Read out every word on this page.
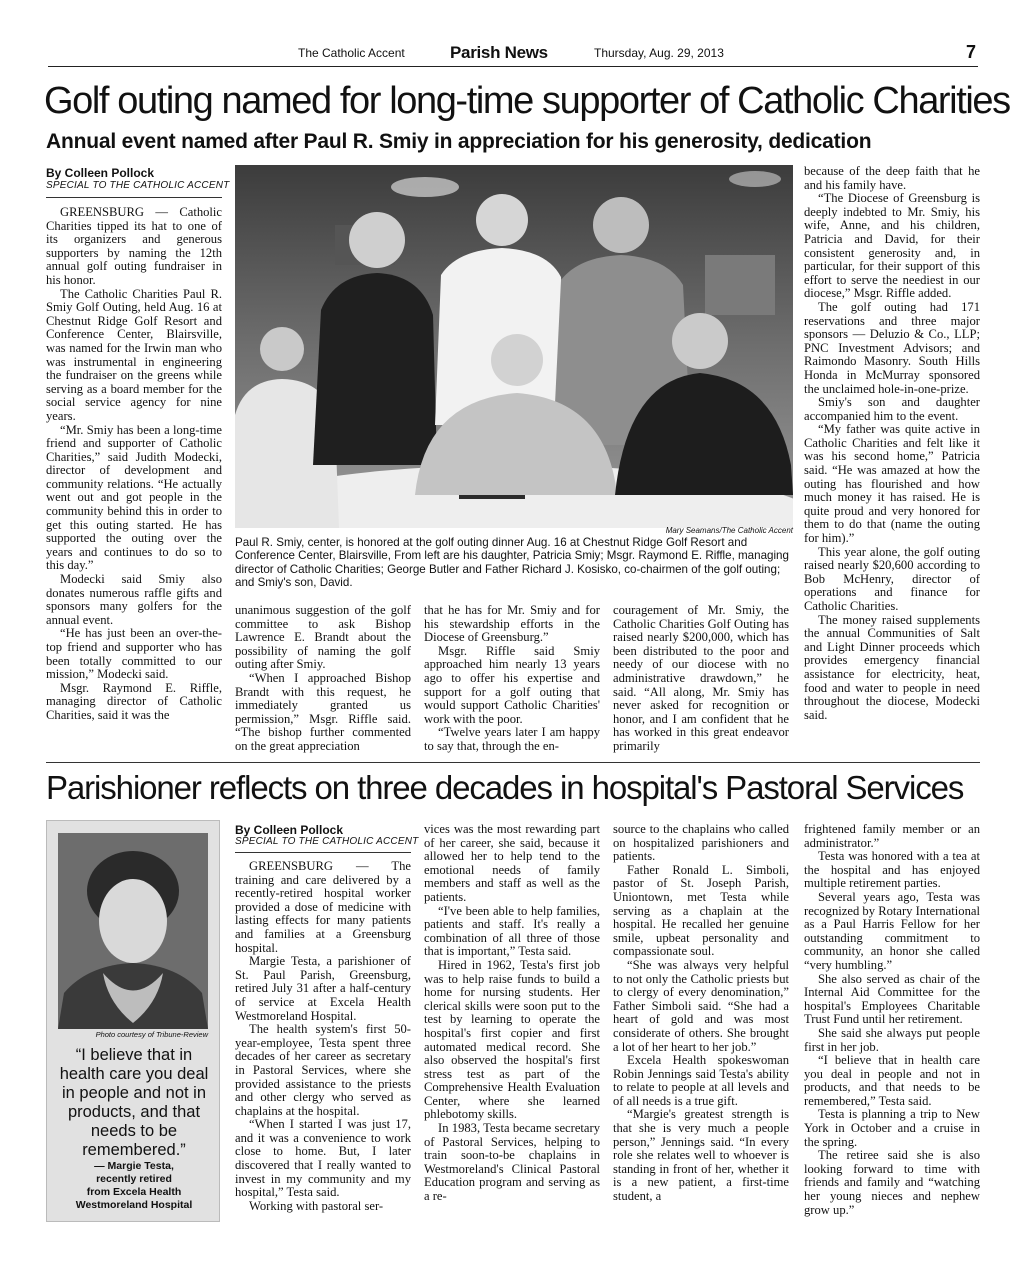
The Catholic Accent	Parish News	Thursday, Aug. 29, 2013	7
Golf outing named for long-time supporter of Catholic Charities
Annual event named after Paul R. Smiy in appreciation for his generosity, dedication
By Colleen Pollock
SPECIAL TO THE CATHOLIC ACCENT

GREENSBURG — Catholic Charities tipped its hat to one of its organizers and generous supporters by naming the 12th annual golf outing fundraiser in his honor.

The Catholic Charities Paul R. Smiy Golf Outing, held Aug. 16 at Chestnut Ridge Golf Resort and Conference Center, Blairsville, was named for the Irwin man who was instrumental in engineering the fundraiser on the greens while serving as a board member for the social service agency for nine years.

“Mr. Smiy has been a long-time friend and supporter of Catholic Charities,” said Judith Modecki, director of development and community relations. “He actually went out and got people in the community behind this in order to get this outing started. He has supported the outing over the years and continues to do so to this day.”

Modecki said Smiy also donates numerous raffle gifts and sponsors many golfers for the annual event.

“He has just been an over-the-top friend and supporter who has been totally committed to our mission,” Modecki said.

Msgr. Raymond E. Riffle, managing director of Catholic Charities, said it was the

Mary Seamans/The Catholic Accent
Paul R. Smiy, center, is honored at the golf outing dinner Aug. 16 at Chestnut Ridge Golf Resort and Conference Center, Blairsville, From left are his daughter, Patricia Smiy; Msgr. Raymond E. Riffle, managing director of Catholic Charities; George Butler and Father Richard J. Kosisko, co-chairmen of the golf outing; and Smiy's son, David.

unanimous suggestion of the golf committee to ask Bishop Lawrence E. Brandt about the possibility of naming the golf outing after Smiy.

“When I approached Bishop Brandt with this request, he immediately granted us permission,” Msgr. Riffle said. “The bishop further commented on the great appreciation

that he has for Mr. Smiy and for his stewardship efforts in the Diocese of Greensburg.”

Msgr. Riffle said Smiy approached him nearly 13 years ago to offer his expertise and support for a golf outing that would support Catholic Charities' work with the poor.

“Twelve years later I am happy to say that, through the en-

couragement of Mr. Smiy, the Catholic Charities Golf Outing has raised nearly $200,000, which has been distributed to the poor and needy of our diocese with no administrative drawdown,” he said. “All along, Mr. Smiy has never asked for recognition or honor, and I am confident that he has worked in this great endeavor primarily

because of the deep faith that he and his family have.

“The Diocese of Greensburg is deeply indebted to Mr. Smiy, his wife, Anne, and his children, Patricia and David, for their consistent generosity and, in particular, for their support of this effort to serve the neediest in our diocese,” Msgr. Riffle added.

The golf outing had 171 reservations and three major sponsors — Deluzio & Co., LLP; PNC Investment Advisors; and Raimondo Masonry. South Hills Honda in McMurray sponsored the unclaimed hole-in-one-prize.

Smiy's son and daughter accompanied him to the event.

“My father was quite active in Catholic Charities and felt like it was his second home,” Patricia said. “He was amazed at how the outing has flourished and how much money it has raised. He is quite proud and very honored for them to do that (name the outing for him).”

This year alone, the golf outing raised nearly $20,600 according to Bob McHenry, director of operations and finance for Catholic Charities.

The money raised supplements the annual Communities of Salt and Light Dinner proceeds which provides emergency financial assistance for electricity, heat, food and water to people in need throughout the diocese, Modecki said.

Parishioner reflects on three decades in hospital's Pastoral Services
Photo courtesy of Tribune-Review
“I believe that in health care you deal in people and not in products, and that needs to be remembered.”
— Margie Testa,
recently retired
from Excela Health
Westmoreland Hospital
By Colleen Pollock
SPECIAL TO THE CATHOLIC ACCENT

GREENSBURG — The training and care delivered by a recently-retired hospital worker provided a dose of medicine with lasting effects for many patients and families at a Greensburg hospital.

Margie Testa, a parishioner of St. Paul Parish, Greensburg, retired July 31 after a half-century of service at Excela Health Westmoreland Hospital.

The health system's first 50-year-employee, Testa spent three decades of her career as secretary in Pastoral Services, where she provided assistance to the priests and other clergy who served as chaplains at the hospital.

“When I started I was just 17, and it was a convenience to work close to home. But, I later discovered that I really wanted to invest in my community and my hospital,” Testa said.

Working with pastoral ser-

vices was the most rewarding part of her career, she said, because it allowed her to help tend to the emotional needs of family members and staff as well as the patients.

“I've been able to help families, patients and staff. It's really a combination of all three of those that is important,” Testa said.

Hired in 1962, Testa's first job was to help raise funds to build a home for nursing students. Her clerical skills were soon put to the test by learning to operate the hospital's first copier and first automated medical record. She also observed the hospital's first stress test as part of the Comprehensive Health Evaluation Center, where she learned phlebotomy skills.

In 1983, Testa became secretary of Pastoral Services, helping to train soon-to-be chaplains in Westmoreland's Clinical Pastoral Education program and serving as a re-

source to the chaplains who called on hospitalized parishioners and patients.

Father Ronald L. Simboli, pastor of St. Joseph Parish, Uniontown, met Testa while serving as a chaplain at the hospital. He recalled her genuine smile, upbeat personality and compassionate soul.

“She was always very helpful to not only the Catholic priests but to clergy of every denomination,” Father Simboli said. “She had a heart of gold and was most considerate of others. She brought a lot of her heart to her job.”

Excela Health spokeswoman Robin Jennings said Testa's ability to relate to people at all levels and of all needs is a true gift.

“Margie's greatest strength is that she is very much a people person,” Jennings said. “In every role she relates well to whoever is standing in front of her, whether it is a new patient, a first-time student, a

frightened family member or an administrator.”

Testa was honored with a tea at the hospital and has enjoyed multiple retirement parties.

Several years ago, Testa was recognized by Rotary International as a Paul Harris Fellow for her outstanding commitment to community, an honor she called “very humbling.”

She also served as chair of the Internal Aid Committee for the hospital's Employees Charitable Trust Fund until her retirement.

She said she always put people first in her job.

“I believe that in health care you deal in people and not in products, and that needs to be remembered,” Testa said.

Testa is planning a trip to New York in October and a cruise in the spring.

The retiree said she is also looking forward to time with friends and family and “watching her young nieces and nephew grow up.”
